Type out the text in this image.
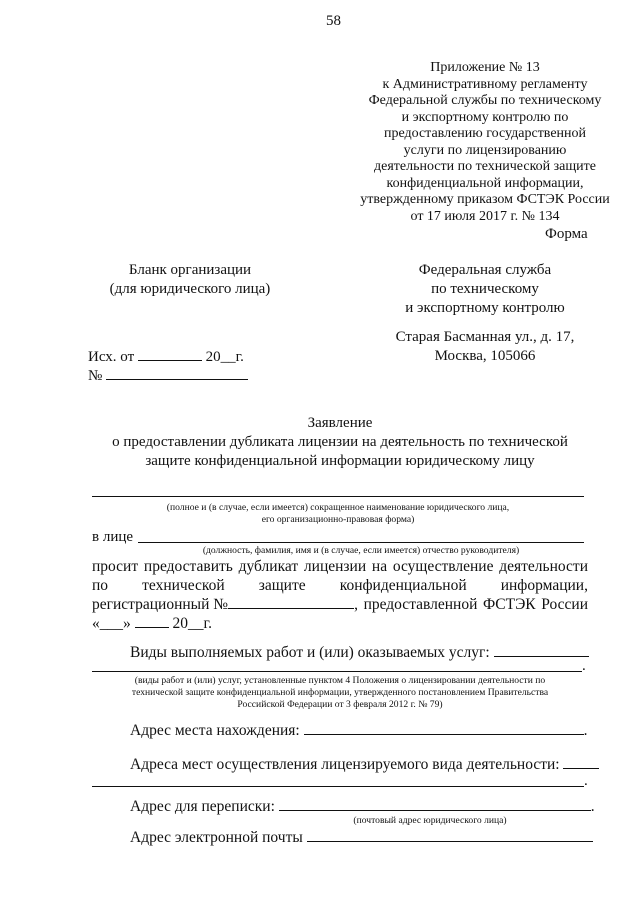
58
Приложение № 13
к Административному регламенту
Федеральной службы по техническому
и экспортному контролю по
предоставлению государственной
услуги по лицензированию
деятельности по технической защите
конфиденциальной информации,
утвержденному приказом ФСТЭК России
от 17 июля 2017 г. № 134
Форма
Бланк организации
(для юридического лица)
Федеральная служба
по техническому
и экспортному контролю
Старая Басманная ул., д. 17,
Москва, 105066
Исх. от	20__г.
№
Заявление
о предоставлении дубликата лицензии на деятельность по технической
защите конфиденциальной информации юридическому лицу
(полное и (в случае, если имеется) сокращенное наименование юридического лица,
его организационно-правовая форма)
в лице
(должность, фамилия, имя и (в случае, если имеется) отчество руководителя)
просит предоставить дубликат лицензии на осуществление деятельности
по технической защите конфиденциальной информации,
регистрационный №	, предоставленной ФСТЭК России
«___»	20__г.
Виды выполняемых работ и (или) оказываемых услуг:
.
(виды работ и (или) услуг, установленные пунктом 4 Положения о лицензировании деятельности по
технической защите конфиденциальной информации, утвержденного постановлением Правительства
Российской Федерации от 3 февраля 2012 г. № 79)
Адрес места нахождения:	.
Адреса мест осуществления лицензируемого вида деятельности:
.
Адрес для переписки:	.
(почтовый адрес юридического лица)
Адрес электронной почты
